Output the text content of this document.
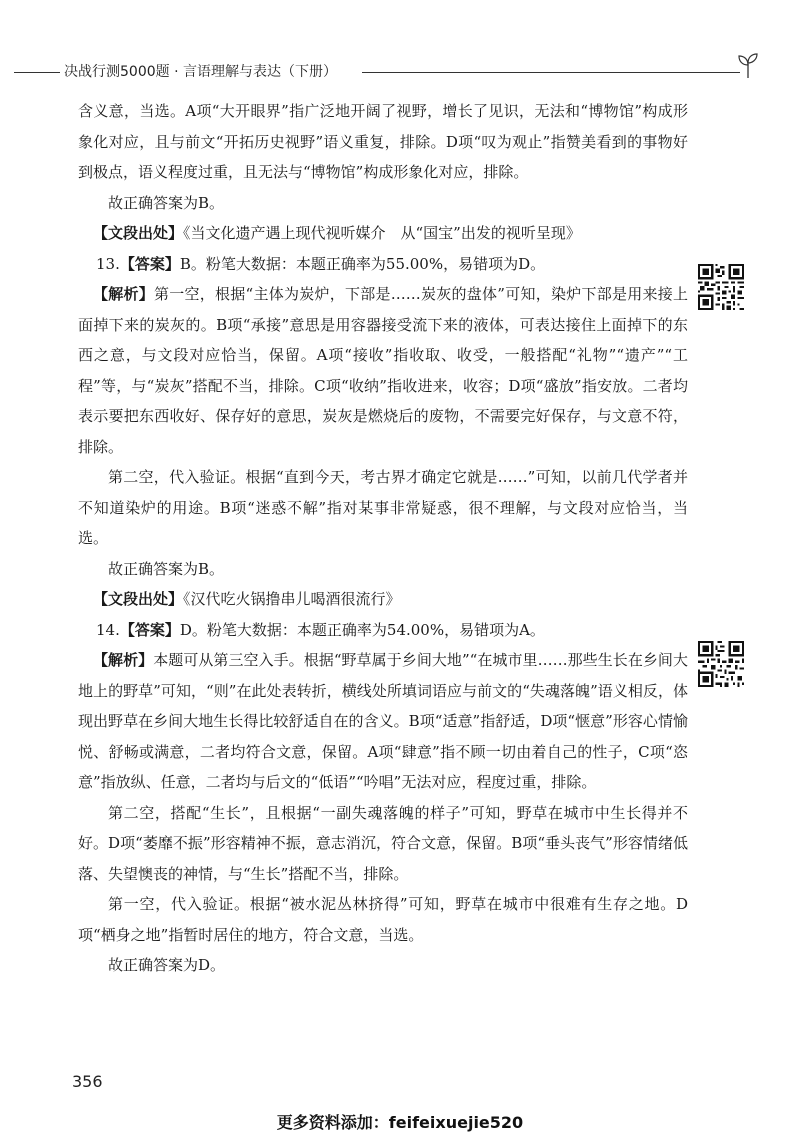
决战行测5000题 · 言语理解与表达（下册）

含义意，当选。A项“大开眼界”指广泛地开阔了视野，增长了见识，无法和“博物馆”构成形象化对应，且与前文“开拓历史视野”语义重复，排除。D项“叹为观止”指赞美看到的事物好到极点，语义程度过重，且无法与“博物馆”构成形象化对应，排除。

故正确答案为B。

【文段出处】《当文化遗产遇上现代视听媒介　从“国宝”出发的视听呈现》

13.【答案】B。粉笔大数据：本题正确率为55.00%，易错项为D。

【解析】第一空，根据“主体为炭炉，下部是……炭灰的盘体”可知，染炉下部是用来接上面掉下来的炭灰的。B项“承接”意思是用容器接受流下来的液体，可表达接住上面掉下的东西之意，与文段对应恰当，保留。A项“接收”指收取、收受，一般搭配“礼物”“遗产”“工程”等，与“炭灰”搭配不当，排除。C项“收纳”指收进来，收容；D项“盛放”指安放。二者均表示要把东西收好、保存好的意思，炭灰是燃烧后的废物，不需要完好保存，与文意不符，排除。

第二空，代入验证。根据“直到今天，考古界才确定它就是……”可知，以前几代学者并不知道染炉的用途。B项“迷惑不解”指对某事非常疑惑，很不理解，与文段对应恰当，当选。

故正确答案为B。

【文段出处】《汉代吃火锅撸串儿喝酒很流行》

14.【答案】D。粉笔大数据：本题正确率为54.00%，易错项为A。

【解析】本题可从第三空入手。根据“野草属于乡间大地”“在城市里……那些生长在乡间大地上的野草”可知，“则”在此处表转折，横线处所填词语应与前文的“失魂落魄”语义相反，体现出野草在乡间大地生长得比较舒适自在的含义。B项“适意”指舒适，D项“惬意”形容心情愉悦、舒畅或满意，二者均符合文意，保留。A项“肆意”指不顾一切由着自己的性子，C项“恣意”指放纵、任意，二者均与后文的“低语”“吟唱”无法对应，程度过重，排除。

第二空，搭配“生长”，且根据“一副失魂落魄的样子”可知，野草在城市中生长得并不好。D项“萎靡不振”形容精神不振，意志消沉，符合文意，保留。B项“垂头丧气”形容情绪低落、失望懊丧的神情，与“生长”搭配不当，排除。

第一空，代入验证。根据“被水泥丛林挤得”可知，野草在城市中很难有生存之地。D项“栖身之地”指暂时居住的地方，符合文意，当选。

故正确答案为D。

356
更多资料添加：feifeixuejie520
